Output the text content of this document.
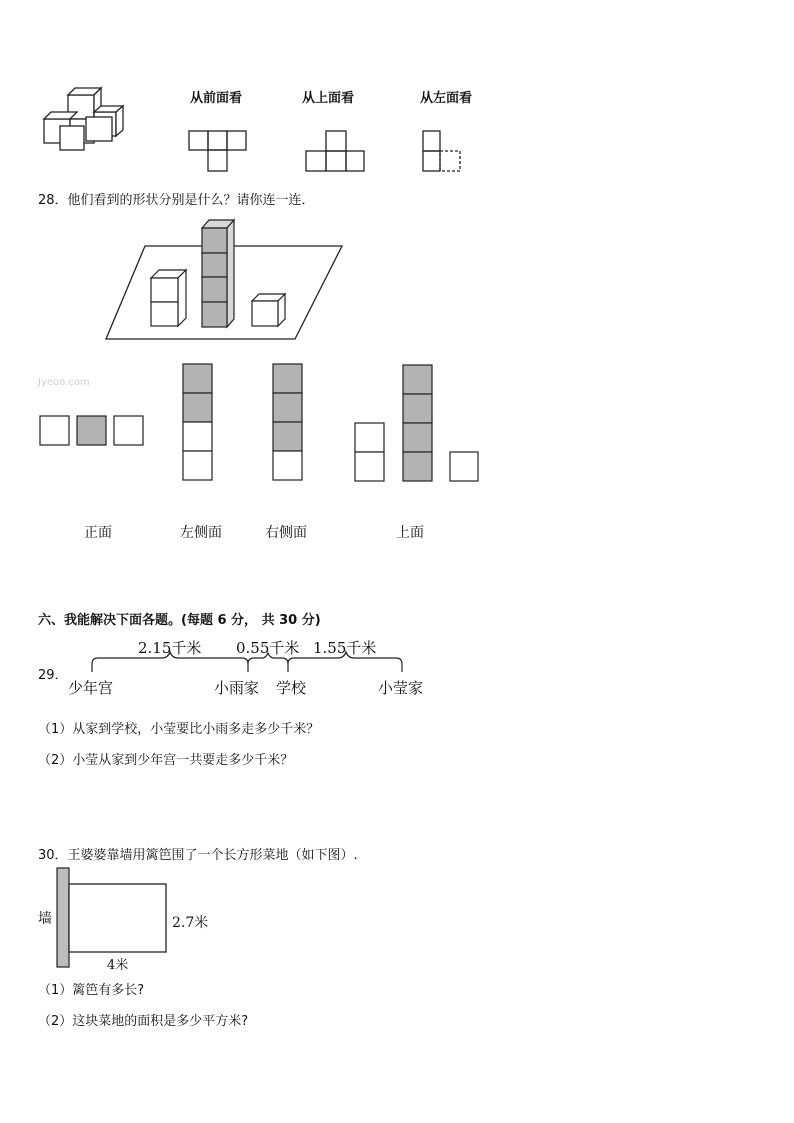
从前面看	从上面看	从左面看
28．他们看到的形状分别是什么？请你连一连．
Jyeoo.com
正面	左侧面	右侧面	上面
六、我能解决下面各题。(每题 6 分， 共 30 分)
29．
2.15千米 0.55千米 1.55千米
少年宫	小雨家 学校	小莹家
（1）从家到学校，小莹要比小雨多走多少千米？
（2）小莹从家到少年宫一共要走多少千米？
30．王婆婆靠墙用篱笆围了一个长方形菜地（如下图）.
墙	2.7米
4米
（1）篱笆有多长?
（2）这块菜地的面积是多少平方米?
